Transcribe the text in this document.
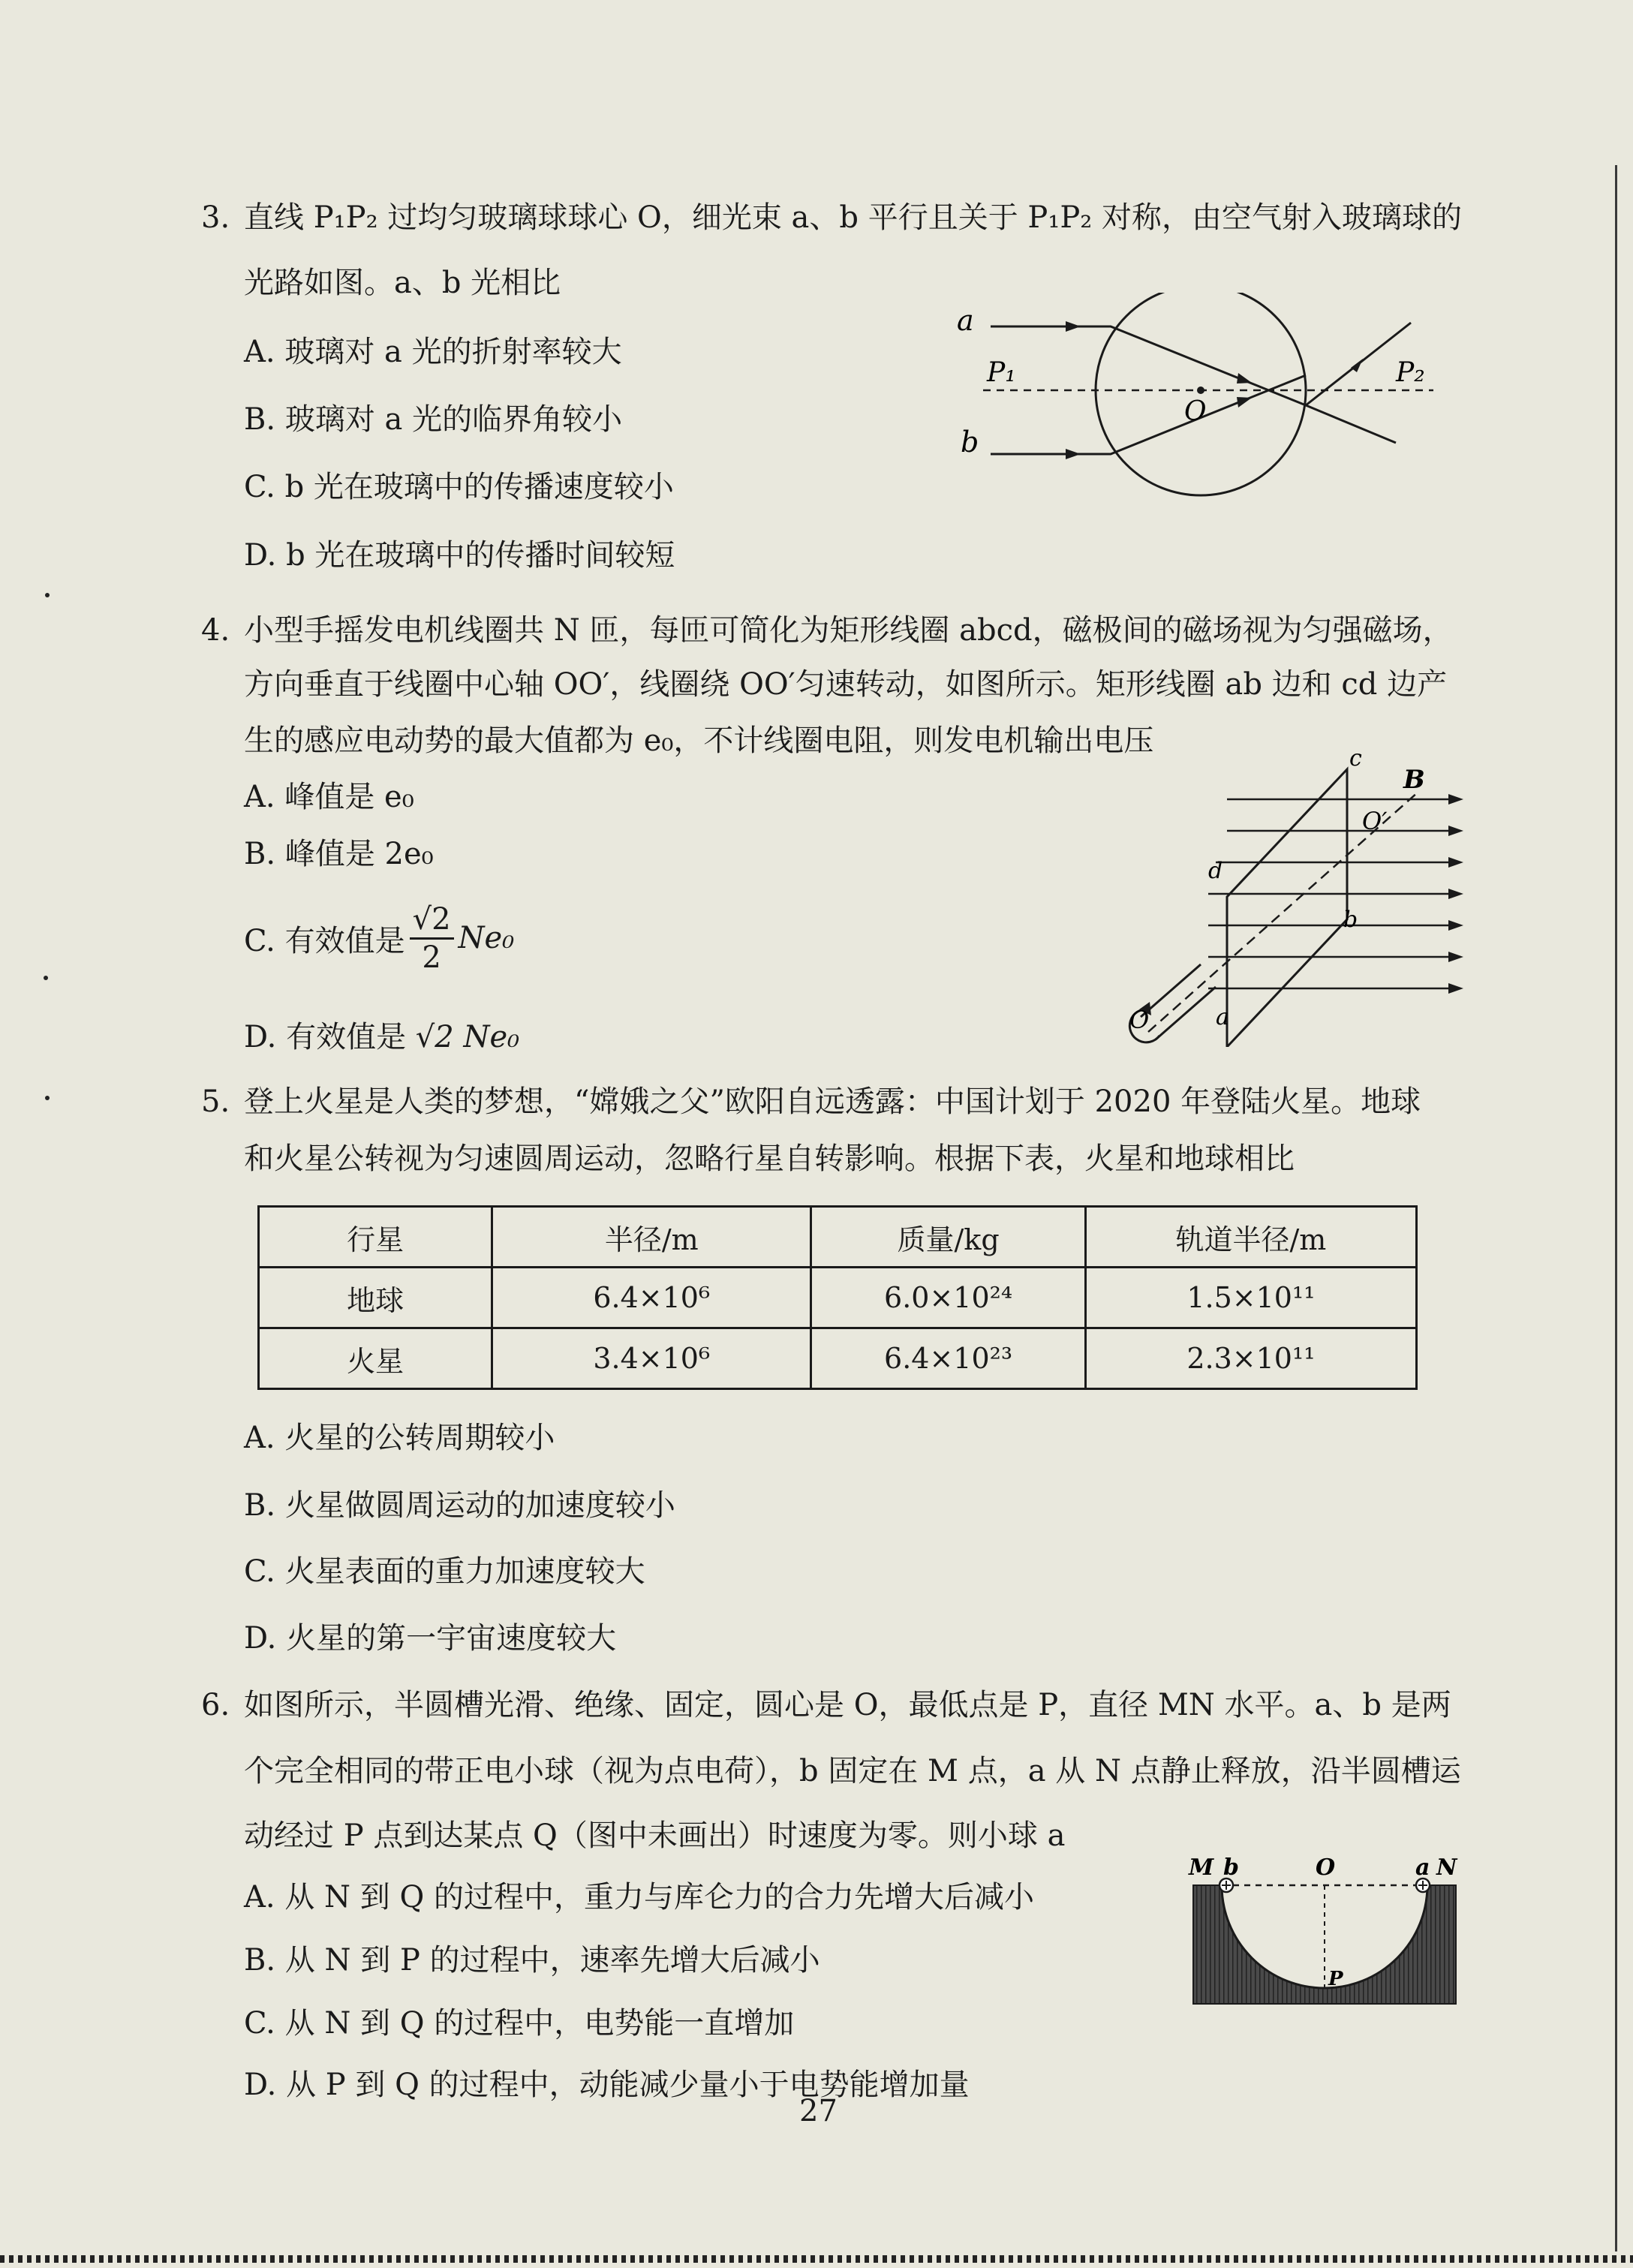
3. 直线 P₁P₂ 过均匀玻璃球球心 O，细光束 a、b 平行且关于 P₁P₂ 对称，由空气射入玻璃球的
光路如图。a、b 光相比
A. 玻璃对 a 光的折射率较大
B. 玻璃对 a 光的临界角较小
C. b 光在玻璃中的传播速度较小
D. b 光在玻璃中的传播时间较短
a
b
P₁	P₂
O
4. 小型手摇发电机线圈共 N 匝，每匝可简化为矩形线圈 abcd，磁极间的磁场视为匀强磁场，
方向垂直于线圈中心轴 OO′，线圈绕 OO′匀速转动，如图所示。矩形线圈 ab 边和 cd 边产
生的感应电动势的最大值都为 e₀，不计线圈电阻，则发电机输出电压
A. 峰值是 e₀
B. 峰值是 2e₀
C. 有效值是 $\frac{√2}{2} Ne_0$
D. 有效值是 √2 Ne₀
B
c
d
b
a
O
O′
5. 登上火星是人类的梦想，“嫦娥之父”欧阳自远透露：中国计划于 2020 年登陆火星。地球
和火星公转视为匀速圆周运动，忽略行星自转影响。根据下表，火星和地球相比
行星	半径/m	质量/kg	轨道半径/m
地球	6.4×10⁶	6.0×10²⁴	1.5×10¹¹
火星	3.4×10⁶	6.4×10²³	2.3×10¹¹
A. 火星的公转周期较小
B. 火星做圆周运动的加速度较小
C. 火星表面的重力加速度较大
D. 火星的第一宇宙速度较大
6. 如图所示，半圆槽光滑、绝缘、固定，圆心是 O，最低点是 P，直径 MN 水平。a、b 是两
个完全相同的带正电小球（视为点电荷），b 固定在 M 点，a 从 N 点静止释放，沿半圆槽运
动经过 P 点到达某点 Q（图中未画出）时速度为零。则小球 a
A. 从 N 到 Q 的过程中，重力与库仑力的合力先增大后减小
B. 从 N 到 P 的过程中，速率先增大后减小
C. 从 N 到 Q 的过程中，电势能一直增加
D. 从 P 到 Q 的过程中，动能减少量小于电势能增加量
M b	O	a N
P
27
